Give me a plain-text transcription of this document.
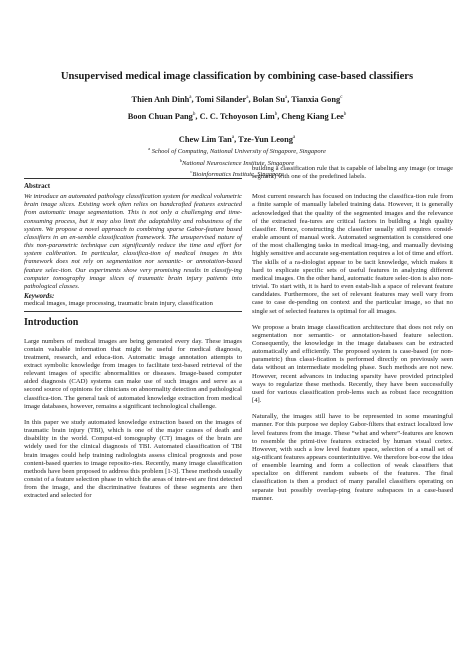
Unsupervised medical image classification by combining case-based classifiers
Thien Anh Dinh$^a$, Tomi Silander$^a$, Bolan Su$^a$, Tianxia Gong$^c$
Boon Chuan Pang$^b$, C. C. Tchoyoson Lim$^b$, Cheng Kiang Lee$^b$
Chew Lim Tan$^a$, Tze-Yun Leong$^a$
$^a$ School of Computing, National University of Singapore, Singapore
$^b$National Neuroscience Institute, Singapore
$^c$Bioinformatics Institute, Singapore

Abstract

We introduce an automated pathology classification system for medical volumetric brain image slices. Existing work often relies on handcrafted features extracted from automatic image segmentation. This is not only a challenging and time-consuming process, but it may also limit the adaptability and robustness of the system. We propose a novel approach to combining sparse Gabor-feature based classifiers in an en-semble classification framework. The unsupervised nature of this non-parametric technique can significantly reduce the time and effort for system calibration. In particular, classifica-tion of medical images in this framework does not rely on segmentation nor semantic- or annotation-based feature selec-tion. Our experiments show very promising results in classify-ing computer tomography image slices of traumatic brain injury patients into pathological classes.

Keywords:

medical images, image processing, traumatic brain injury, classification

Introduction

Large numbers of medical images are being generated every day. These images contain valuable information that might be useful for medical diagnosis, treatment, research, and educa-tion. Automatic image annotation attempts to extract symbolic knowledge from images to facilitate text-based retrieval of the relevant images of specific abnormalities or diseases. Image-based computer aided diagnosis (CAD) systems can make use of such images and serve as a second source of opinions for clinicians on abnormality detection and pathological classifica-tion. The general task of automated knowledge extraction from medical image databases, however, remains a significant technological challenge.

In this paper we study automated knowledge extraction based on the images of traumatic brain injury (TBI), which is one of the major causes of death and disability in the world. Comput-ed tomography (CT) images of the brain are widely used for the clinical diagnosis of TBI. Automated classification of TBI brain images could help training radiologists assess clinical prognosis and pose content-based queries to image reposito-ries. Recently, many image classification methods have been proposed to address this problem [1-3]. These methods usually consist of a feature selection phase in which the areas of inter-est are first detected from the image, and the discriminative features of these segments are then extracted and selected for

building a classification rule that is capable of labeling any image (or image segment) with one of the predefined labels.

Most current research has focused on inducing the classifica-tion rule from a finite sample of manually labeled training data. However, it is generally acknowledged that the quality of the segmented images and the relevance of the extracted fea-tures are critical factors in building a high quality classifier. Hence, constructing the classifier usually still requires consid-erable amount of manual work. Automated segmentation is considered one of the most challenging tasks in medical imag-ing, and manually devising highly sensitive and accurate seg-mentation requires a lot of time and effort. The skills of a ra-diologist appear to be tacit knowledge, which makes it hard to explicate specific sets of useful features in analyzing different medical images. On the other hand, automatic feature selec-tion is also non-trivial. To start with, it is hard to even estab-lish a space of relevant feature candidates. Furthermore, the set of relevant features may well vary from case to case de-pending on context and the particular image, so that no single set of selected features is optimal for all images.

We propose a brain image classification architecture that does not rely on segmentation nor semantic- or annotation-based feature selection. Consequently, the knowledge in the image databases can be extracted automatically and efficiently. The proposed system is case-based (or non-parametric) thus classi-fication is performed directly on previously seen data without an intermediate modeling phase. Such methods are not new. However, recent advances in inducing sparsity have provided principled ways to regularize these methods. Recently, they have been successfully used for various classification prob-lems such as robust face recognition [4].

Naturally, the images still have to be represented in some meaningful manner. For this purpose we deploy Gabor-filters that extract localized low level features from the image. These “what and where”-features are known to resemble the primi-tive features extracted by human visual cortex. However, with such a low level feature space, selection of a small set of sig-nificant features appears counterintuitive. We therefore bor-row the idea of ensemble learning and form a collection of weak classifiers that specialize on different random subsets of the features. The final classification is then a product of many parallel classifiers operating on separate but possibly overlap-ping feature subspaces in a case-based manner.
